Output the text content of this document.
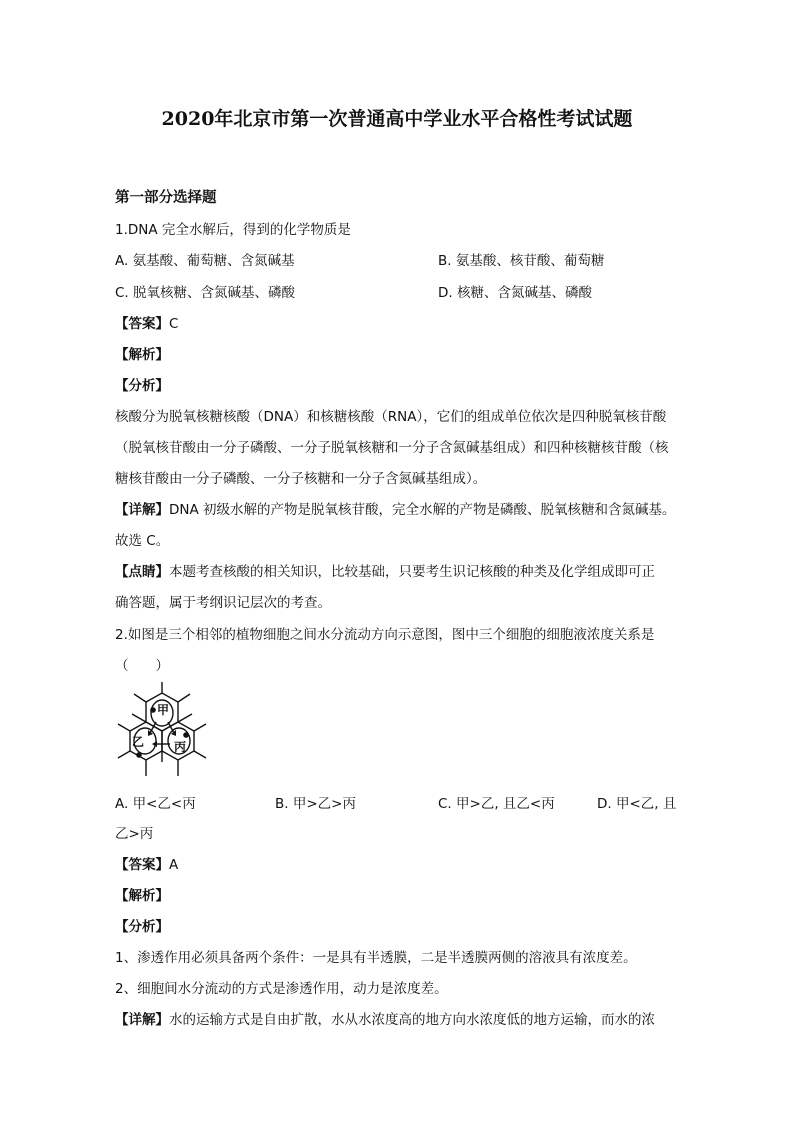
2020年北京市第一次普通高中学业水平合格性考试试题
第一部分选择题
1.DNA 完全水解后，得到的化学物质是
A. 氨基酸、葡萄糖、含氮碱基	B. 氨基酸、核苷酸、葡萄糖
C. 脱氧核糖、含氮碱基、磷酸	D. 核糖、含氮碱基、磷酸
【答案】C
【解析】
【分析】
核酸分为脱氧核糖核酸（DNA）和核糖核酸（RNA），它们的组成单位依次是四种脱氧核苷酸
（脱氧核苷酸由一分子磷酸、一分子脱氧核糖和一分子含氮碱基组成）和四种核糖核苷酸（核
糖核苷酸由一分子磷酸、一分子核糖和一分子含氮碱基组成）。
【详解】DNA 初级水解的产物是脱氧核苷酸，完全水解的产物是磷酸、脱氧核糖和含氮碱基。
故选 C。
【点睛】本题考查核酸的相关知识，比较基础，只要考生识记核酸的种类及化学组成即可正
确答题，属于考纲识记层次的考查。
2.如图是三个相邻的植物细胞之间水分流动方向示意图，图中三个细胞的细胞液浓度关系是
（　　）
甲
乙 丙
A. 甲<乙<丙	B. 甲>乙>丙	C. 甲>乙, 且乙<丙	D. 甲<乙, 且
乙>丙
【答案】A
【解析】
【分析】
1、渗透作用必须具备两个条件：一是具有半透膜，二是半透膜两侧的溶液具有浓度差。
2、细胞间水分流动的方式是渗透作用，动力是浓度差。
【详解】水的运输方式是自由扩散，水从水浓度高的地方向水浓度低的地方运输，而水的浓
